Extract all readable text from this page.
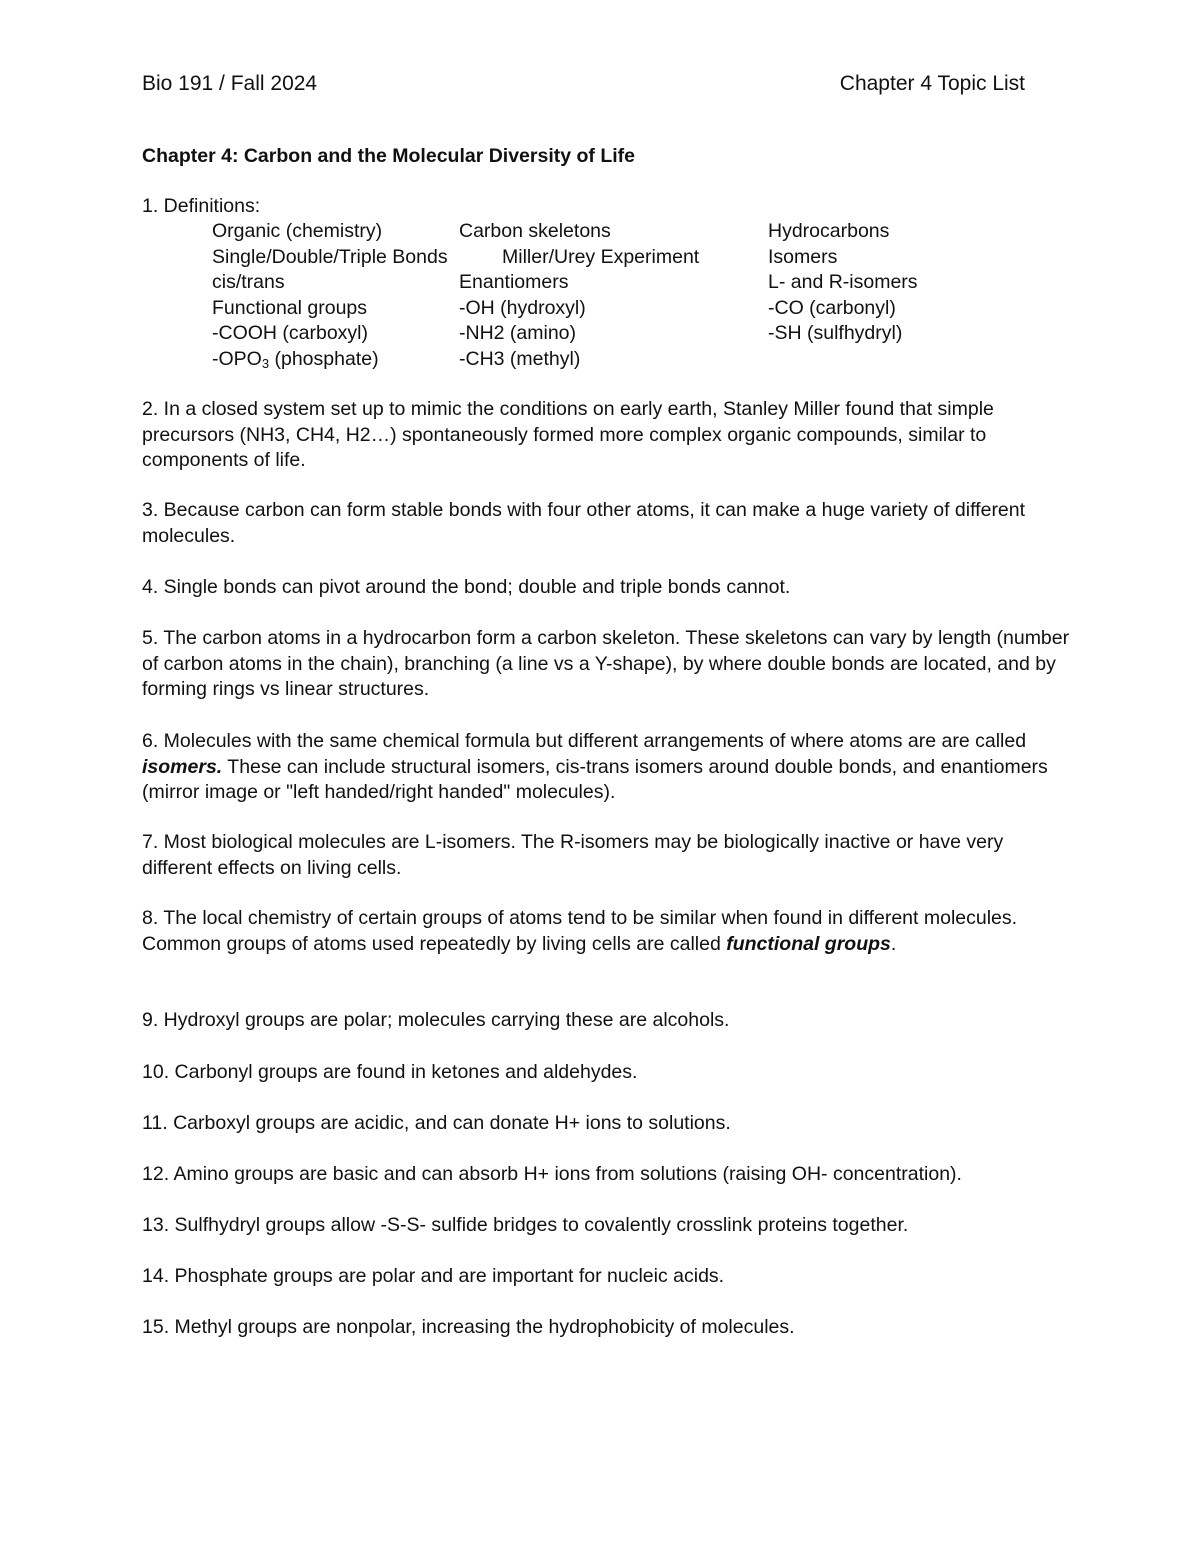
Bio 191 / Fall 2024	Chapter 4 Topic List
Chapter 4: Carbon and the Molecular Diversity of Life
1. Definitions:
Organic (chemistry)	Carbon skeletons	Hydrocarbons
Single/Double/Triple Bonds	Miller/Urey Experiment	Isomers
cis/trans	Enantiomers	L- and R-isomers
Functional groups	-OH (hydroxyl)	-CO (carbonyl)
-COOH (carboxyl)	-NH2 (amino)	-SH (sulfhydryl)
$-OPO_3$ (phosphate)	-CH3 (methyl)
2. In a closed system set up to mimic the conditions on early earth, Stanley Miller found that simple precursors (NH3, CH4, H2…) spontaneously formed more complex organic compounds, similar to components of life.
3. Because carbon can form stable bonds with four other atoms, it can make a huge variety of different molecules.
4. Single bonds can pivot around the bond; double and triple bonds cannot.
5. The carbon atoms in a hydrocarbon form a carbon skeleton. These skeletons can vary by length (number of carbon atoms in the chain), branching (a line vs a Y-shape), by where double bonds are located, and by forming rings vs linear structures.
6. Molecules with the same chemical formula but different arrangements of where atoms are are called isomers. These can include structural isomers, cis-trans isomers around double bonds, and enantiomers (mirror image or "left handed/right handed" molecules).
7. Most biological molecules are L-isomers. The R-isomers may be biologically inactive or have very different effects on living cells.
8. The local chemistry of certain groups of atoms tend to be similar when found in different molecules. Common groups of atoms used repeatedly by living cells are called functional groups.
9. Hydroxyl groups are polar; molecules carrying these are alcohols.
10. Carbonyl groups are found in ketones and aldehydes.
11. Carboxyl groups are acidic, and can donate H+ ions to solutions.
12. Amino groups are basic and can absorb H+ ions from solutions (raising OH- concentration).
13. Sulfhydryl groups allow -S-S- sulfide bridges to covalently crosslink proteins together.
14. Phosphate groups are polar and are important for nucleic acids.
15. Methyl groups are nonpolar, increasing the hydrophobicity of molecules.
